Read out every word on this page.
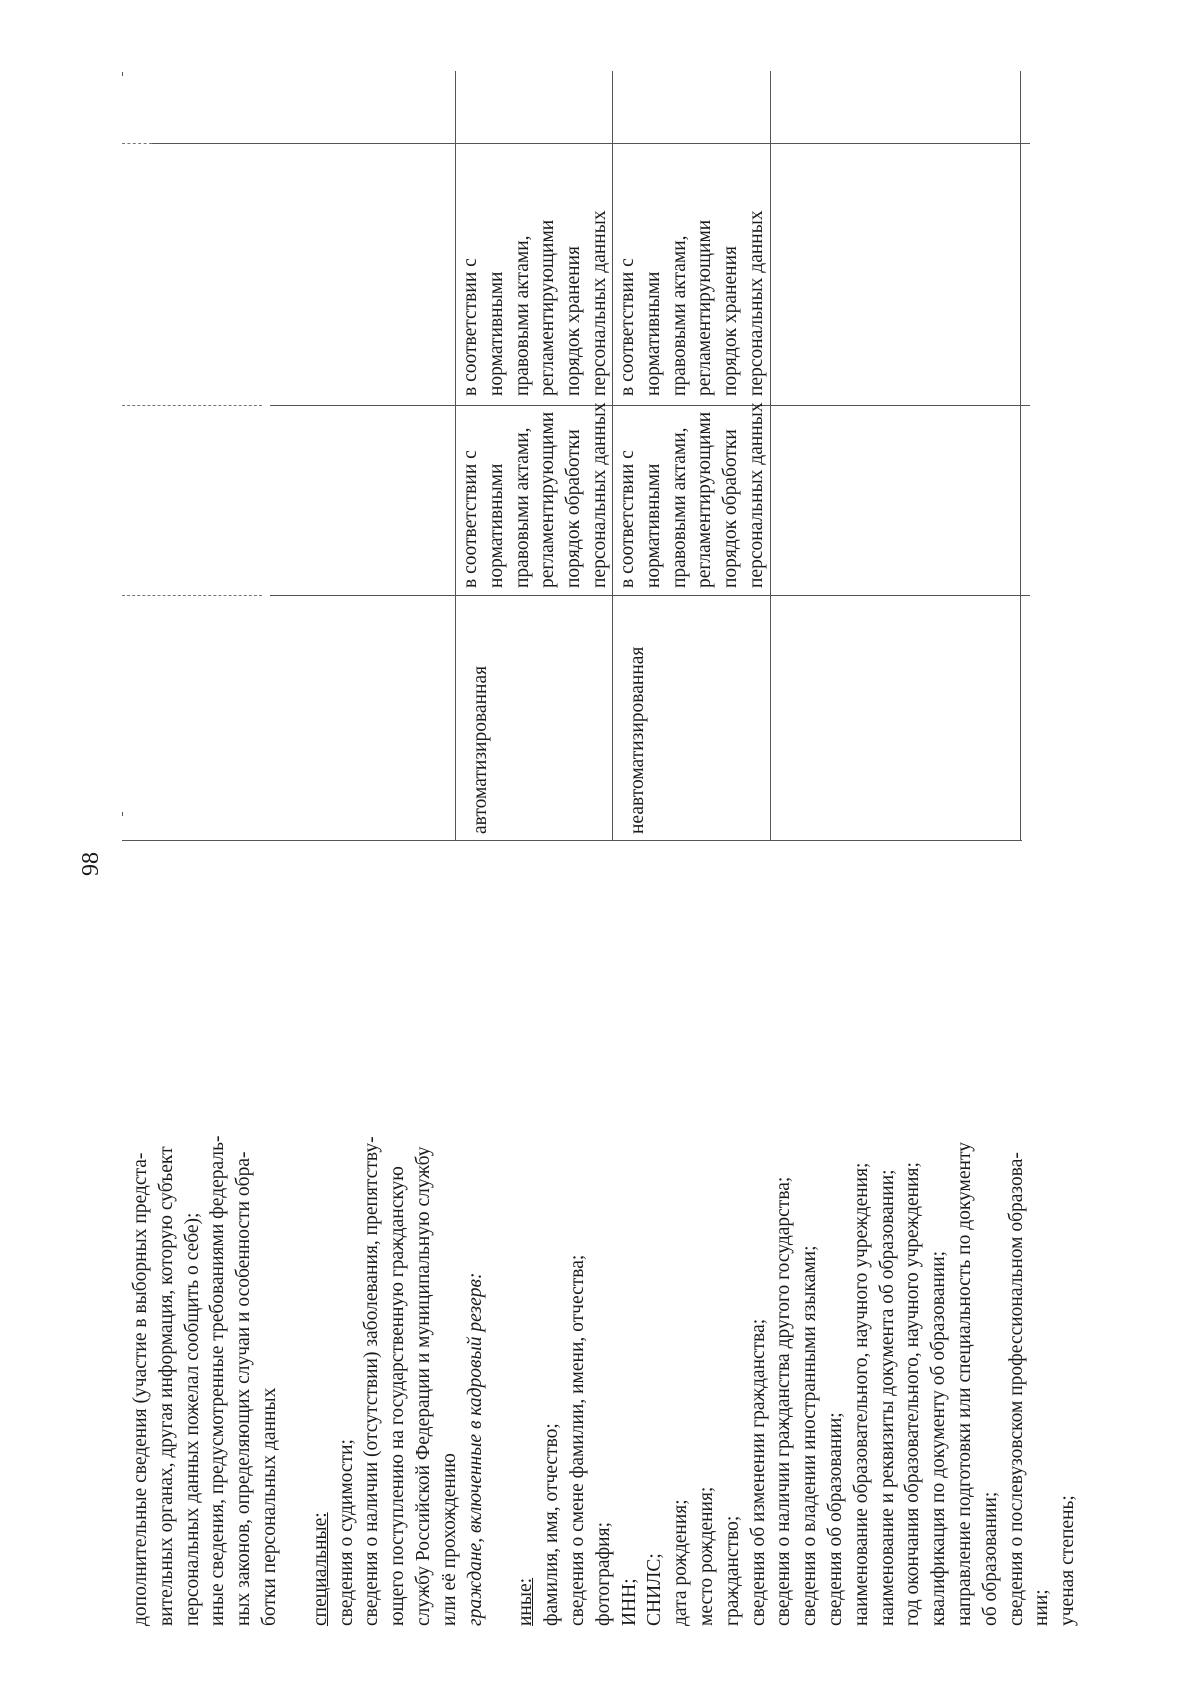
98
дополнительные сведения (участие в выборных предста- вительных органах, другая информация, которую субъект персональных данных пожелал сообщить о себе); иные сведения, предусмотренные требованиями федераль- ных законов, определяющих случаи и особенности обра- ботки персональных данных специальные: сведения о судимости; сведения о наличии (отсутствии) заболевания, препятству- ющего поступлению на государственную гражданскую службу Российской Федерации и муниципальную службу или её прохождению граждане, включенные в кадровый резерв: иные: фамилия, имя, отчество; сведения о смене фамилии, имени, отчества; фотография; ИНН; СНИЛС; дата рождения; место рождения; гражданство; сведения об изменении гражданства; сведения о наличии гражданства другого государства; сведения о владении иностранными языками; сведения об образовании; наименование образовательного, научного учреждения; наименование и реквизиты документа об образовании; год окончания образовательного, научного учреждения; квалификация по документу об образовании; направление подготовки или специальность по документу об образовании; сведения о послевузовском профессиональном образова- нии; ученая степень;
автоматизированная	неавтоматизированная
в соответствии с нормативными правовыми актами, регламентирующими порядок обработки персональных данных в соответствии с нормативными правовыми актами, регламентирующими порядок обработки персональных данных
в соответствии с нормативными правовыми актами, регламентирующими порядок хранения персональных данных в соответствии с нормативными правовыми актами, регламентирующими порядок хранения персональных данных
